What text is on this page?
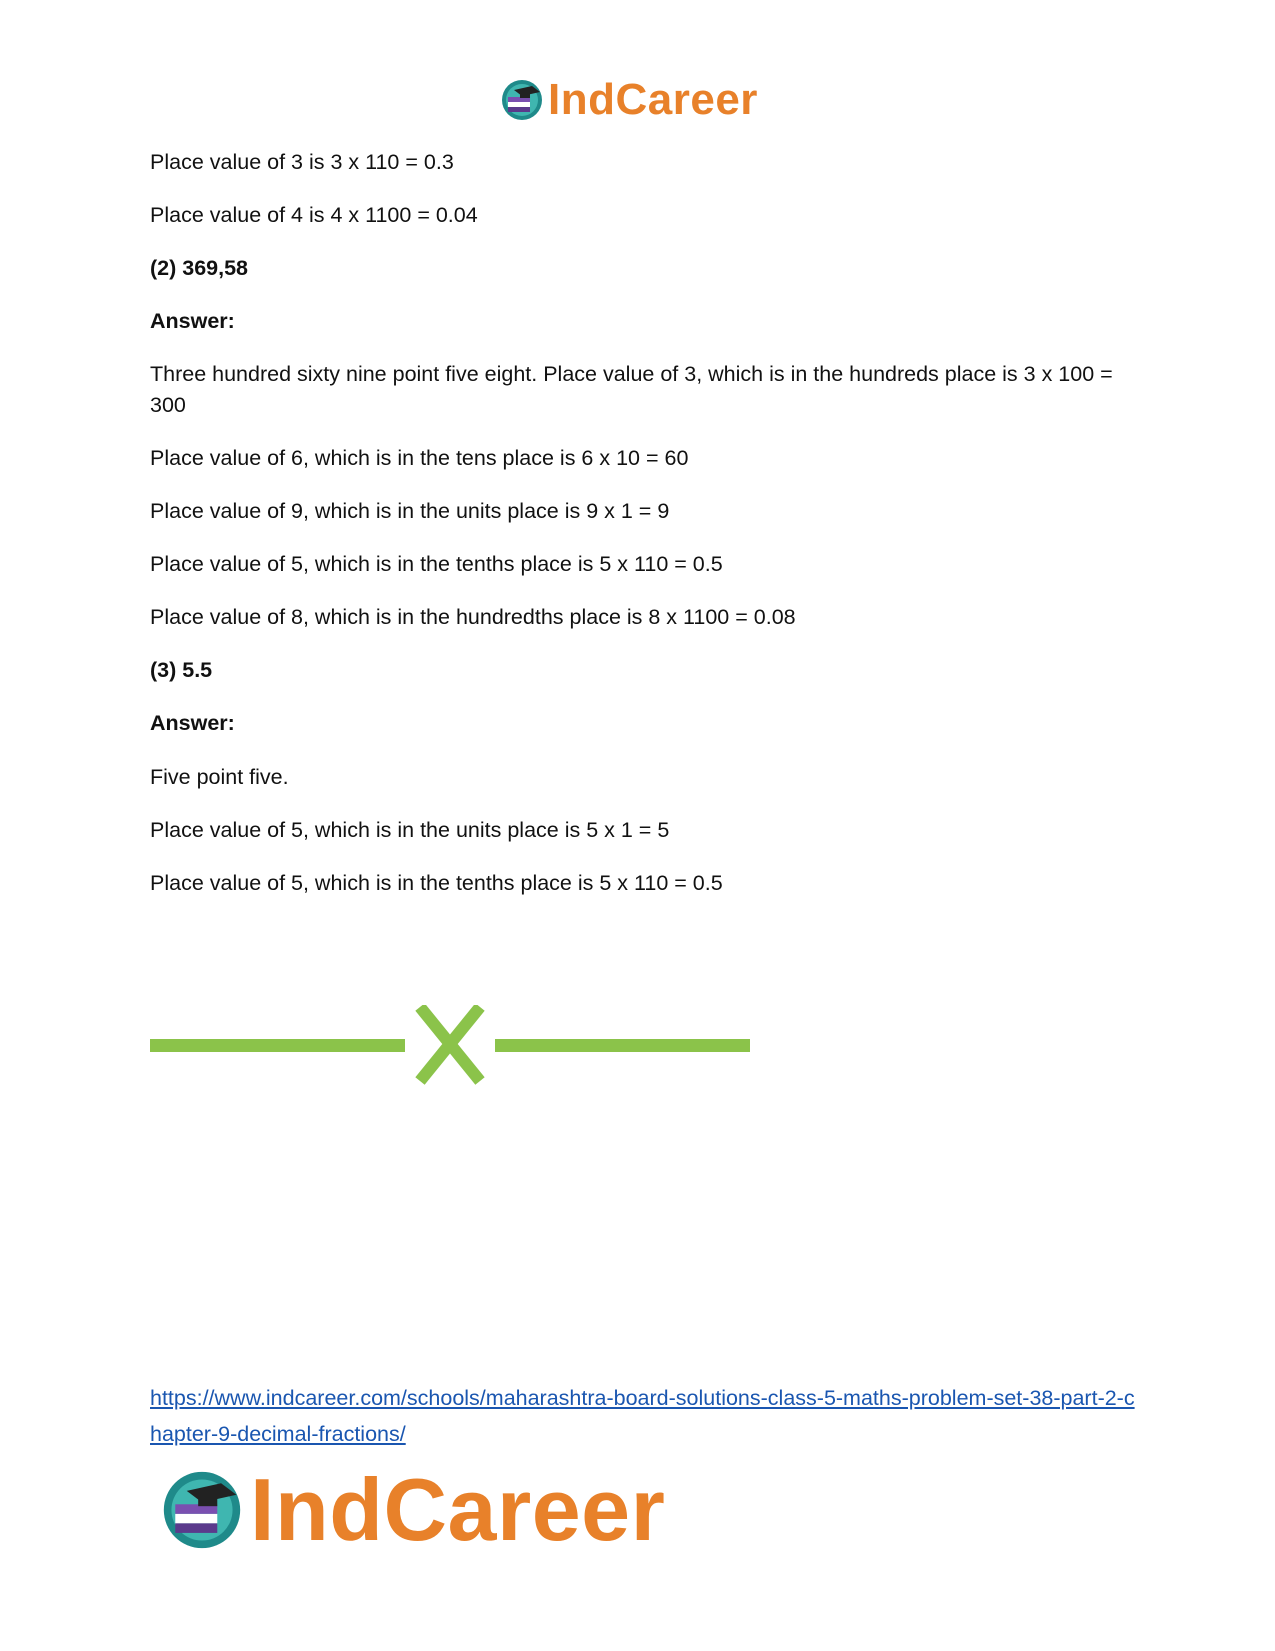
IndCareer

Place value of 3 is 3 x 110 = 0.3

Place value of 4 is 4 x 1100 = 0.04

(2) 369,58

Answer:

Three hundred sixty nine point five eight. Place value of 3, which is in the hundreds place is 3 x 100 = 300

Place value of 6, which is in the tens place is 6 x 10 = 60

Place value of 9, which is in the units place is 9 x 1 = 9

Place value of 5, which is in the tenths place is 5 x 110 = 0.5

Place value of 8, which is in the hundredths place is 8 x 1100 = 0.08

(3) 5.5

Answer:

Five point five.

Place value of 5, which is in the units place is 5 x 1 = 5

Place value of 5, which is in the tenths place is 5 x 110 = 0.5

https://www.indcareer.com/schools/maharashtra-board-solutions-class-5-maths-problem-set-38-part-2-chapter-9-decimal-fractions/
IndCareer
